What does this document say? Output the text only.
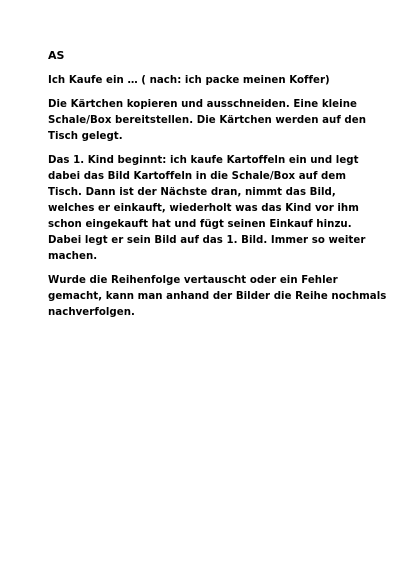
AS
Ich Kaufe ein … ( nach: ich packe meinen Koffer)
Die Kärtchen kopieren und ausschneiden. Eine kleine
Schale/Box bereitstellen. Die Kärtchen werden auf den
Tisch gelegt.
Das 1. Kind beginnt: ich kaufe Kartoffeln ein und legt
dabei das Bild Kartoffeln in die Schale/Box auf dem
Tisch. Dann ist der Nächste dran, nimmt das Bild,
welches er einkauft, wiederholt was das Kind vor ihm
schon eingekauft hat und fügt seinen Einkauf hinzu.
Dabei legt er sein Bild auf das 1. Bild. Immer so weiter
machen.
Wurde die Reihenfolge vertauscht oder ein Fehler
gemacht, kann man anhand der Bilder die Reihe nochmals
nachverfolgen.
